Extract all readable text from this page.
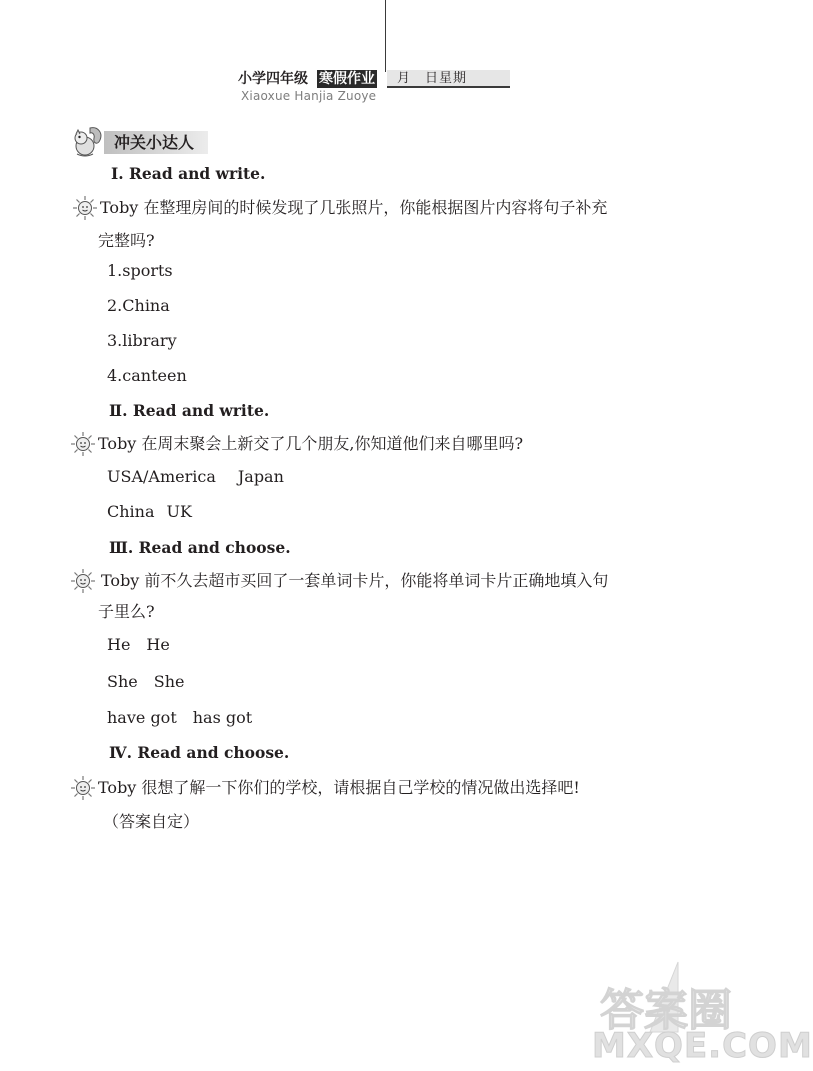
小学四年级 寒假作业	月 日星期
Xiaoxue Hanjia Zuoye
冲关小达人
Ⅰ. Read and write.
Toby 在整理房间的时候发现了几张照片，你能根据图片内容将句子补充
完整吗?
1.sports
2.China
3.library
4.canteen
Ⅱ. Read and write.
Toby 在周末聚会上新交了几个朋友,你知道他们来自哪里吗?
USA/America Japan
China UK
Ⅲ. Read and choose.
Toby 前不久去超市买回了一套单词卡片，你能将单词卡片正确地填入句
子里么?
He He
She She
have got has got
Ⅳ. Read and choose.
Toby 很想了解一下你们的学校，请根据自己学校的情况做出选择吧!
（答案自定）
答案圈
MXQE.COM
